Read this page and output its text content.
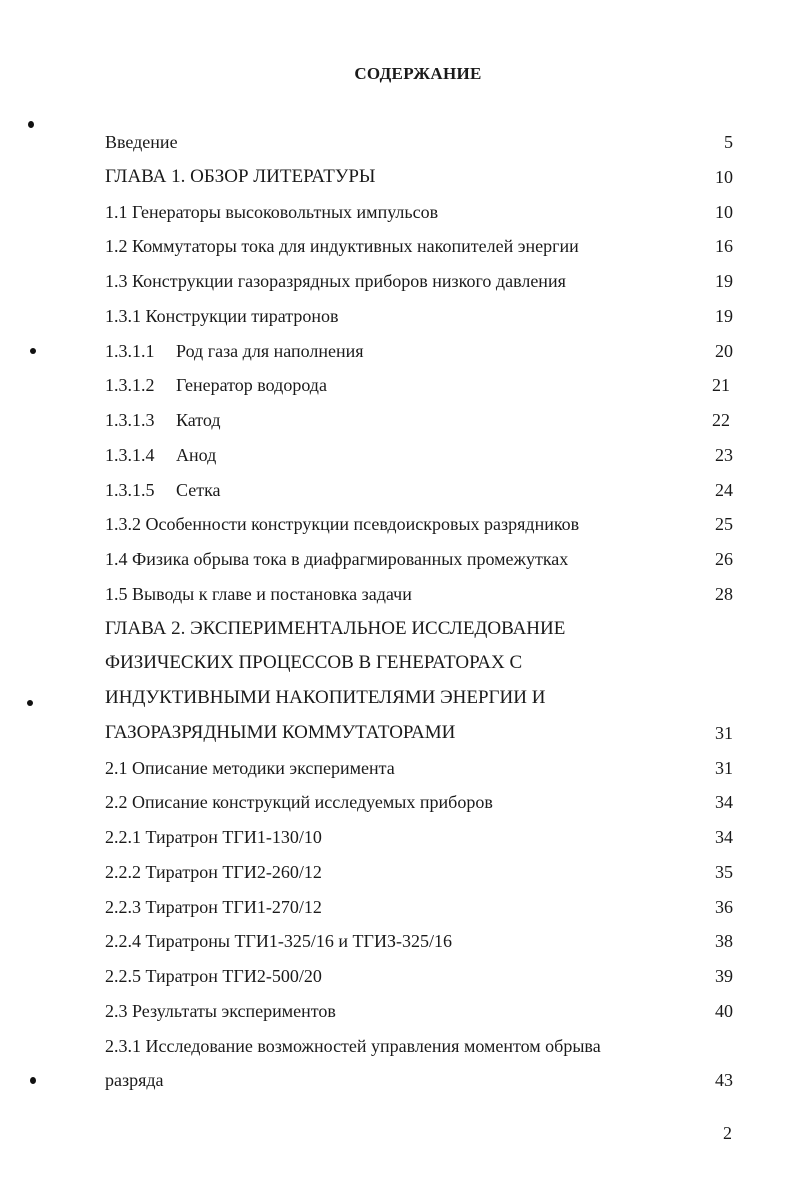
СОДЕРЖАНИЕ
Введение	5
ГЛАВА 1. ОБЗОР ЛИТЕРАТУРЫ	10
1.1 Генераторы высоковольтных импульсов	10
1.2 Коммутаторы тока для индуктивных накопителей энергии	16
1.3 Конструкции газоразрядных приборов низкого давления	19
1.3.1 Конструкции тиратронов	19
1.3.1.1 Род газа для наполнения	20
1.3.1.2 Генератор водорода	21
1.3.1.3 Катод	22
1.3.1.4 Анод	23
1.3.1.5 Сетка	24
1.3.2 Особенности конструкции псевдоискровых разрядников	25
1.4 Физика обрыва тока в диафрагмированных промежутках	26
1.5 Выводы к главе и постановка задачи	28
ГЛАВА 2. ЭКСПЕРИМЕНТАЛЬНОЕ ИССЛЕДОВАНИЕ
ФИЗИЧЕСКИХ ПРОЦЕССОВ В ГЕНЕРАТОРАХ С
ИНДУКТИВНЫМИ НАКОПИТЕЛЯМИ ЭНЕРГИИ И
ГАЗОРАЗРЯДНЫМИ КОММУТАТОРАМИ	31
2.1 Описание методики эксперимента	31
2.2 Описание конструкций исследуемых приборов	34
2.2.1 Тиратрон ТГИ1-130/10	34
2.2.2 Тиратрон ТГИ2-260/12	35
2.2.3 Тиратрон ТГИ1-270/12	36
2.2.4 Тиратроны ТГИ1-325/16 и ТГИЗ-325/16	38
2.2.5 Тиратрон ТГИ2-500/20	39
2.3 Результаты экспериментов	40
2.3.1 Исследование возможностей управления моментом обрыва
разряда	43
2
